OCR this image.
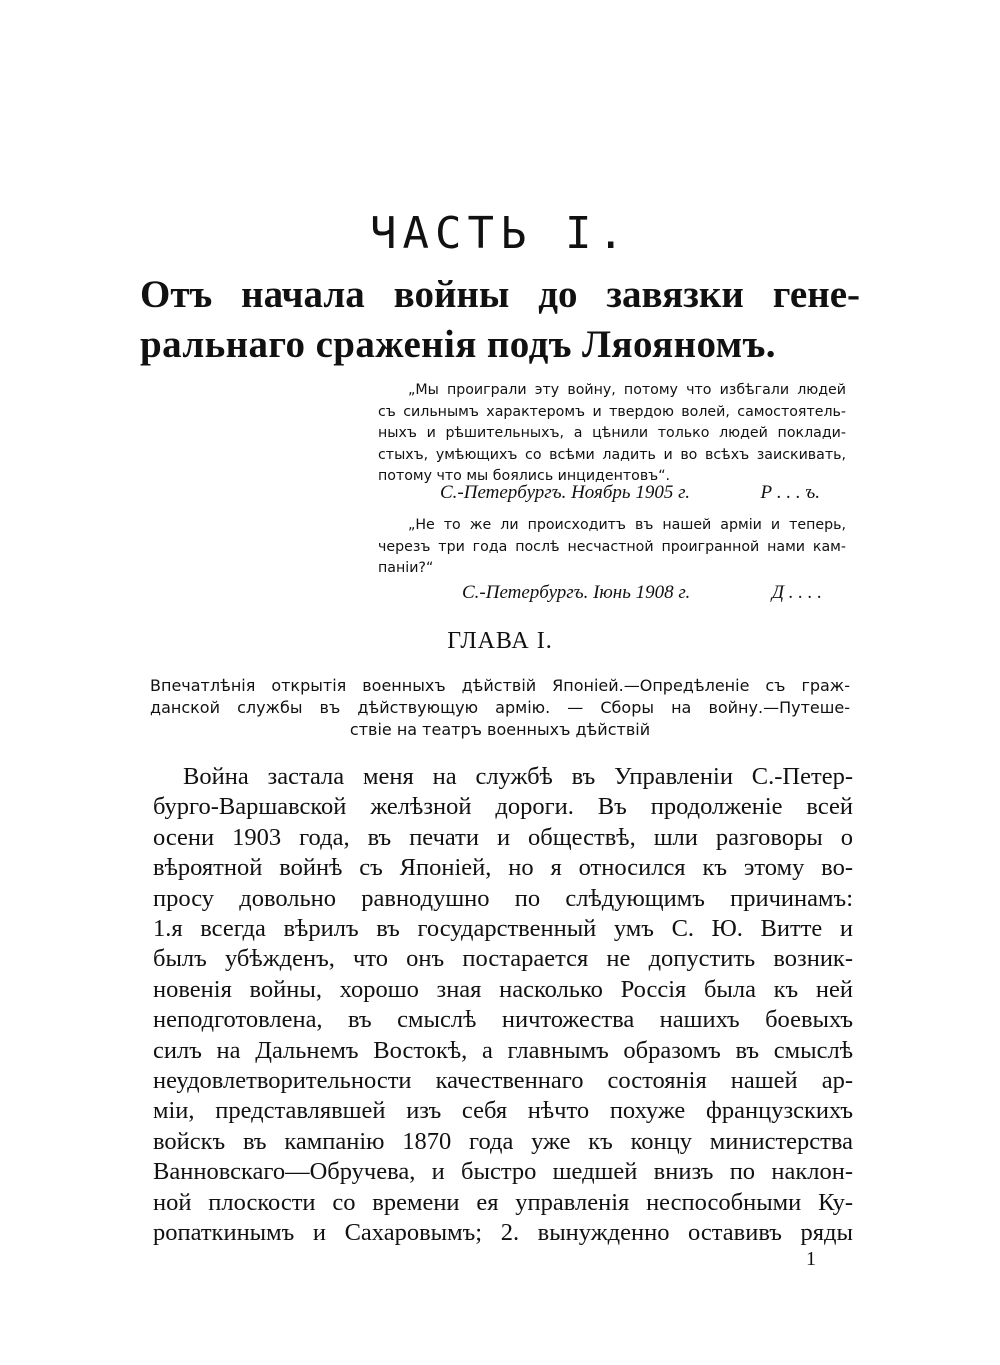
ЧАСТЬ I.
Отъ начала войны до завязки гене-
ральнаго сраженія подъ Ляояномъ.
„Мы проиграли эту войну, потому что избѣгали людей
съ сильнымъ характеромъ и твердою волей, самостоятель-
ныхъ и рѣшительныхъ, а цѣнили только людей поклади-
стыхъ, умѣющихъ со всѣми ладить и во всѣхъ заискивать,
потому что мы боялись инцидентовъ“.
С.-Петербургъ. Ноябрь 1905 г.	Р . . . ъ.
„Не то же ли происходитъ въ нашей арміи и теперь,
черезъ три года послѣ несчастной проигранной нами кам-
паніи?“
С.-Петербургъ. Іюнь 1908 г.	Д . . . .
ГЛАВА I.
Впечатлѣнія открытія военныхъ дѣйствій Японіей.—Опредѣленіе съ граж-
данской службы въ дѣйствующую армію. — Сборы на войну.—Путеше-
ствіе на театръ военныхъ дѣйствій
Война застала меня на службѣ въ Управленіи С.-Петер-
бурго-Варшавской желѣзной дороги. Въ продолженіе всей
осени 1903 года, въ печати и обществѣ, шли разговоры о
вѣроятной войнѣ съ Японіей, но я относился къ этому во-
просу довольно равнодушно по слѣдующимъ причинамъ:
1.я всегда вѣрилъ въ государственный умъ С. Ю. Витте и
былъ убѣжденъ, что онъ постарается не допустить возник-
новенія войны, хорошо зная насколько Россія была къ ней
неподготовлена, въ смыслѣ ничтожества нашихъ боевыхъ
силъ на Дальнемъ Востокѣ, а главнымъ образомъ въ смыслѣ
неудовлетворительности качественнаго состоянія нашей ар-
міи, представлявшей изъ себя нѣчто похуже французскихъ
войскъ въ кампанію 1870 года уже къ концу министерства
Ванновскаго—Обручева, и быстро шедшей внизъ по наклон-
ной плоскости со времени ея управленія неспособными Ку-
ропаткинымъ и Сахаровымъ; 2. вынужденно оставивъ ряды
1
